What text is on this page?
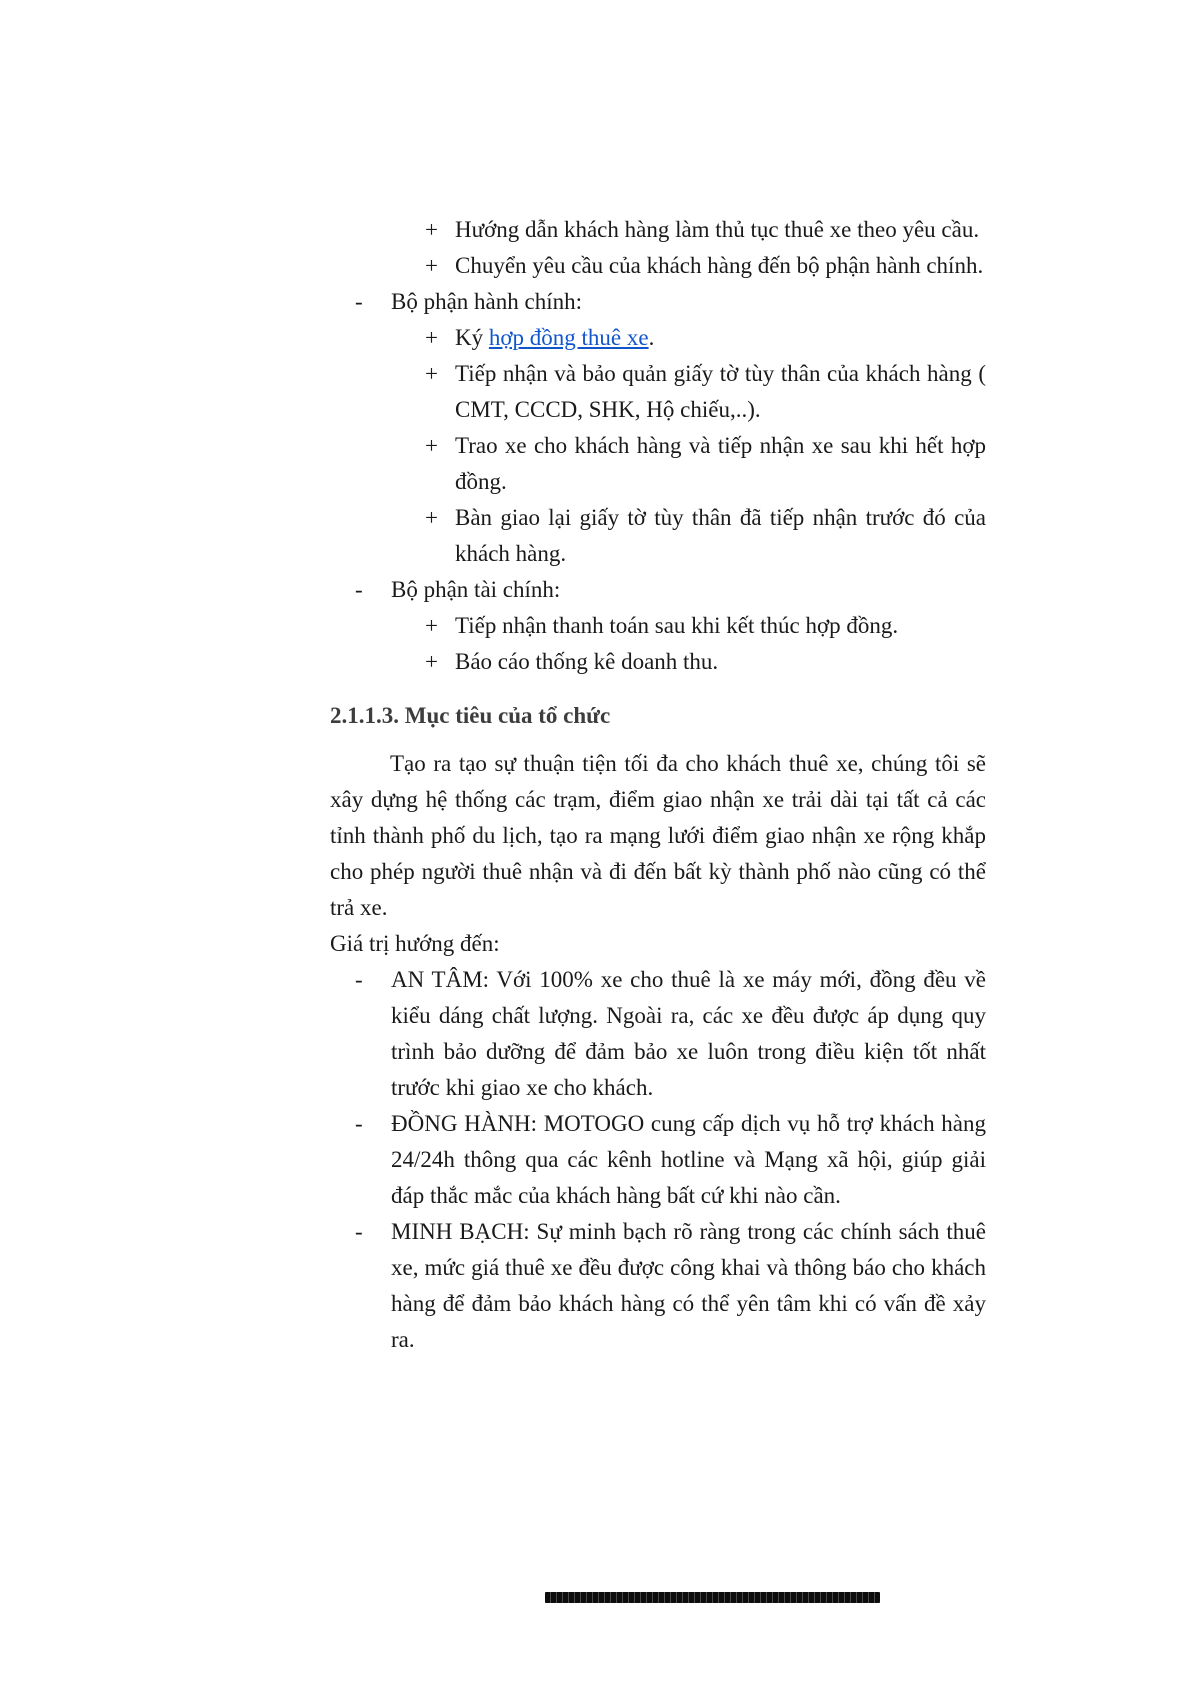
+ Hướng dẫn khách hàng làm thủ tục thuê xe theo yêu cầu.
+ Chuyển yêu cầu của khách hàng đến bộ phận hành chính.
-	Bộ phận hành chính:
+ Ký hợp đồng thuê xe.
+ Tiếp nhận và bảo quản giấy tờ tùy thân của khách hàng ( CMT, CCCD, SHK, Hộ chiếu,..).
+ Trao xe cho khách hàng và tiếp nhận xe sau khi hết hợp đồng.
+ Bàn giao lại giấy tờ tùy thân đã tiếp nhận trước đó của khách hàng.
-	Bộ phận tài chính:
+ Tiếp nhận thanh toán sau khi kết thúc hợp đồng.
+ Báo cáo thống kê doanh thu.
2.1.1.3. Mục tiêu của tổ chức

Tạo ra tạo sự thuận tiện tối đa cho khách thuê xe, chúng tôi sẽ xây dựng hệ thống các trạm, điểm giao nhận xe trải dài tại tất cả các tỉnh thành phố du lịch, tạo ra mạng lưới điểm giao nhận xe rộng khắp cho phép người thuê nhận và đi đến bất kỳ thành phố nào cũng có thể trả xe.

Giá trị hướng đến:
-	AN TÂM: Với 100% xe cho thuê là xe máy mới, đồng đều về kiểu dáng chất lượng. Ngoài ra, các xe đều được áp dụng quy trình bảo dưỡng để đảm bảo xe luôn trong điều kiện tốt nhất trước khi giao xe cho khách.
-	ĐỒNG HÀNH: MOTOGO cung cấp dịch vụ hỗ trợ khách hàng 24/24h thông qua các kênh hotline và Mạng xã hội, giúp giải đáp thắc mắc của khách hàng bất cứ khi nào cần.
-	MINH BẠCH: Sự minh bạch rõ ràng trong các chính sách thuê xe, mức giá thuê xe đều được công khai và thông báo cho khách hàng để đảm bảo khách hàng có thể yên tâm khi có vấn đề xảy ra.
